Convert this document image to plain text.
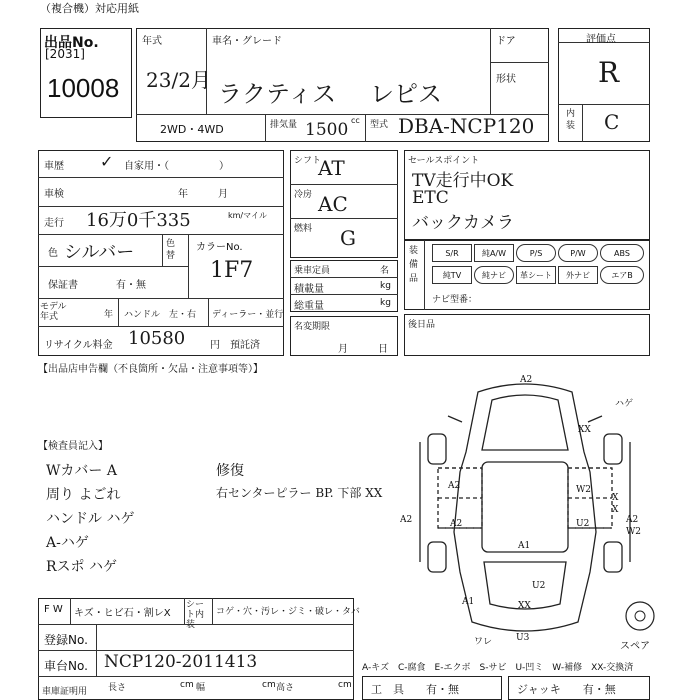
（複合機）対応用紙
出品No.
[2031]
10008
年式	車名・グレード	ドア
形状
23/2月 ラクティス レピス
2WD・4WD	排気量 1500 cc 型式 DBA-NCP120
評価点
R
内装 C
車歴	自家用・（　　　　　）
✓
車検	年　　　月
走行 16万0千335	km/マイル
色 シルバー	色替
カラーNo.
1F7
保証書	有・無
モデル年式	年 ハンドル　左・右 ディーラー・並行
リサイクル料金 10580 円　預託済
シフト
AT
冷房 AC
燃料 G
乗車定員	名
積載量	kg
総重量	kg
名変期限
月　　　日
セールスポイント
TV走行中OK
ETC
バックカメラ
装備品
S/R	純A/W	P/S	P/W	ABS
純TV	純ナビ	革シート	外ナビ	エアB
ナビ型番：
後日品
【出品店申告欄（不良箇所・欠品・注意事項等）】
【検査員記入】
Wカバー A
周り よごれ
ハンドル ハゲ
A-ハゲ
Rスポ ハゲ
修復
右センターピラー BP. 下部 XX
A2
ハゲ
XX
A2
A2	A2
W2
X
X
A2
U2
A1
W2
U2
XX
A1
U3
ワレ	スペア
F W キズ・ヒビ石・割レX
シート内装
コゲ・穴・汚レ・ジミ・破レ・タバ
登録No.
車台No. NCP120-2011413
車庫証明用 長さ	cm 幅	cm 高さ	cm
A-キズ　C-腐食　E-エクボ　S-サビ　U-凹ミ　W-補修　XX-交換済
工　具　　有・無	ジャッキ　　有・無
